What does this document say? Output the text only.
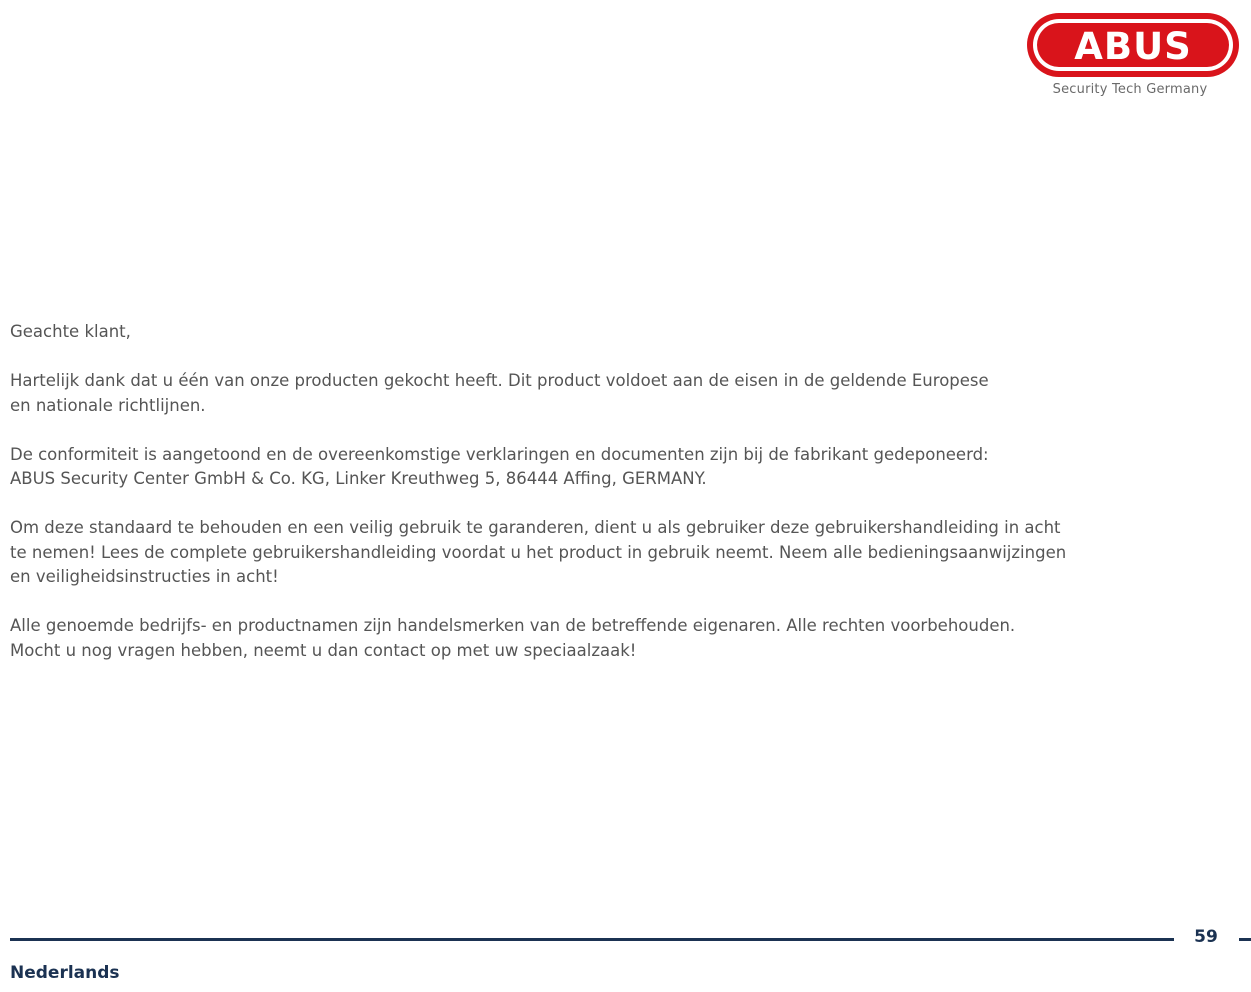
ABUS
Security Tech Germany

Geachte klant,

Hartelijk dank dat u één van onze producten gekocht heeft. Dit product voldoet aan de eisen in de geldende Europese
en nationale richtlijnen.

De conformiteit is aangetoond en de overeenkomstige verklaringen en documenten zijn bij de fabrikant gedeponeerd:
ABUS Security Center GmbH & Co. KG, Linker Kreuthweg 5, 86444 Affing, GERMANY.

Om deze standaard te behouden en een veilig gebruik te garanderen, dient u als gebruiker deze gebruikershandleiding in acht
te nemen! Lees de complete gebruikershandleiding voordat u het product in gebruik neemt. Neem alle bedieningsaanwijzingen
en veiligheidsinstructies in acht!

Alle genoemde bedrijfs- en productnamen zijn handelsmerken van de betreffende eigenaren. Alle rechten voorbehouden.
Mocht u nog vragen hebben, neemt u dan contact op met uw speciaalzaak!

59
Nederlands
